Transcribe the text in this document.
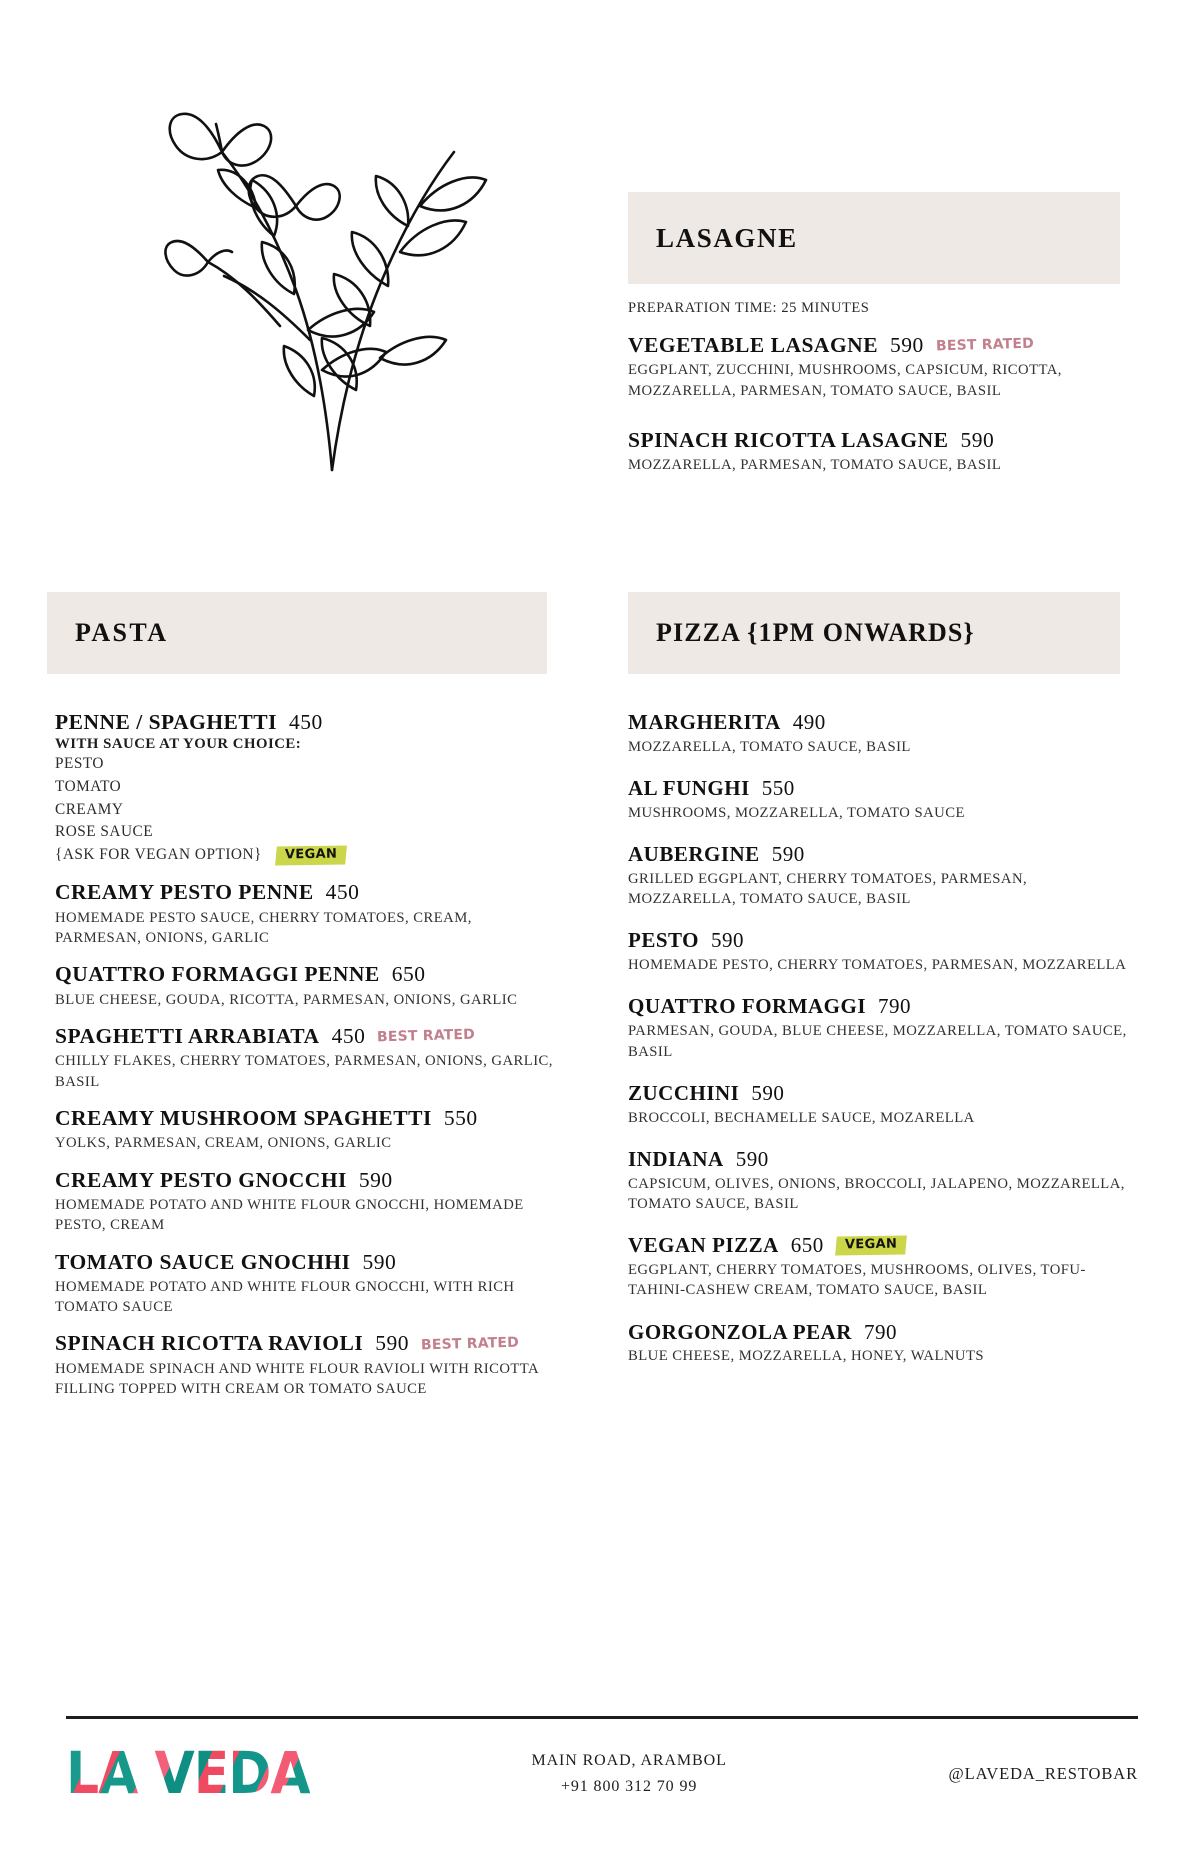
LASAGNE
PREPARATION TIME: 25 MINUTES
VEGETABLE LASAGNE 590 BEST RATED
EGGPLANT, ZUCCHINI, MUSHROOMS, CAPSICUM, RICOTTA, MOZZARELLA, PARMESAN, TOMATO SAUCE, BASIL
SPINACH RICOTTA LASAGNE 590
MOZZARELLA, PARMESAN, TOMATO SAUCE, BASIL
PASTA
PENNE / SPAGHETTI 450
WITH SAUCE AT YOUR CHOICE:
PESTO
TOMATO
CREAMY
ROSE SAUCE
{ASK FOR VEGAN OPTION}	VEGAN
CREAMY PESTO PENNE 450
HOMEMADE PESTO SAUCE, CHERRY TOMATOES, CREAM, PARMESAN, ONIONS, GARLIC
QUATTRO FORMAGGI PENNE 650
BLUE CHEESE, GOUDA, RICOTTA, PARMESAN, ONIONS, GARLIC
SPAGHETTI ARRABIATA 450 BEST RATED
CHILLY FLAKES, CHERRY TOMATOES, PARMESAN, ONIONS, GARLIC, BASIL
CREAMY MUSHROOM SPAGHETTI 550
YOLKS, PARMESAN, CREAM, ONIONS, GARLIC
CREAMY PESTO GNOCCHI 590
HOMEMADE POTATO AND WHITE FLOUR GNOCCHI, HOMEMADE PESTO, CREAM
TOMATO SAUCE GNOCHHI 590
HOMEMADE POTATO AND WHITE FLOUR GNOCCHI, WITH RICH TOMATO SAUCE
SPINACH RICOTTA RAVIOLI 590 BEST RATED
HOMEMADE SPINACH AND WHITE FLOUR RAVIOLI WITH RICOTTA FILLING TOPPED WITH CREAM OR TOMATO SAUCE
PIZZA {1PM ONWARDS}
MARGHERITA 490
MOZZARELLA, TOMATO SAUCE, BASIL
AL FUNGHI 550
MUSHROOMS, MOZZARELLA, TOMATO SAUCE
AUBERGINE 590
GRILLED EGGPLANT, CHERRY TOMATOES, PARMESAN, MOZZARELLA, TOMATO SAUCE, BASIL
PESTO 590
HOMEMADE PESTO, CHERRY TOMATOES, PARMESAN, MOZZARELLA
QUATTRO FORMAGGI 790
PARMESAN, GOUDA, BLUE CHEESE, MOZZARELLA, TOMATO SAUCE, BASIL
ZUCCHINI 590
BROCCOLI, BECHAMELLE SAUCE, MOZARELLA
INDIANA 590
CAPSICUM, OLIVES, ONIONS, BROCCOLI, JALAPENO, MOZZARELLA, TOMATO SAUCE, BASIL
VEGAN PIZZA 650	VEGAN
EGGPLANT, CHERRY TOMATOES, MUSHROOMS, OLIVES, TOFU-TAHINI-CASHEW CREAM, TOMATO SAUCE, BASIL
GORGONZOLA PEAR 790
BLUE CHEESE, MOZZARELLA, HONEY, WALNUTS
LA VEDA	MAIN ROAD, ARAMBOL
+91 800 312 70 99
@LAVEDA_RESTOBAR
